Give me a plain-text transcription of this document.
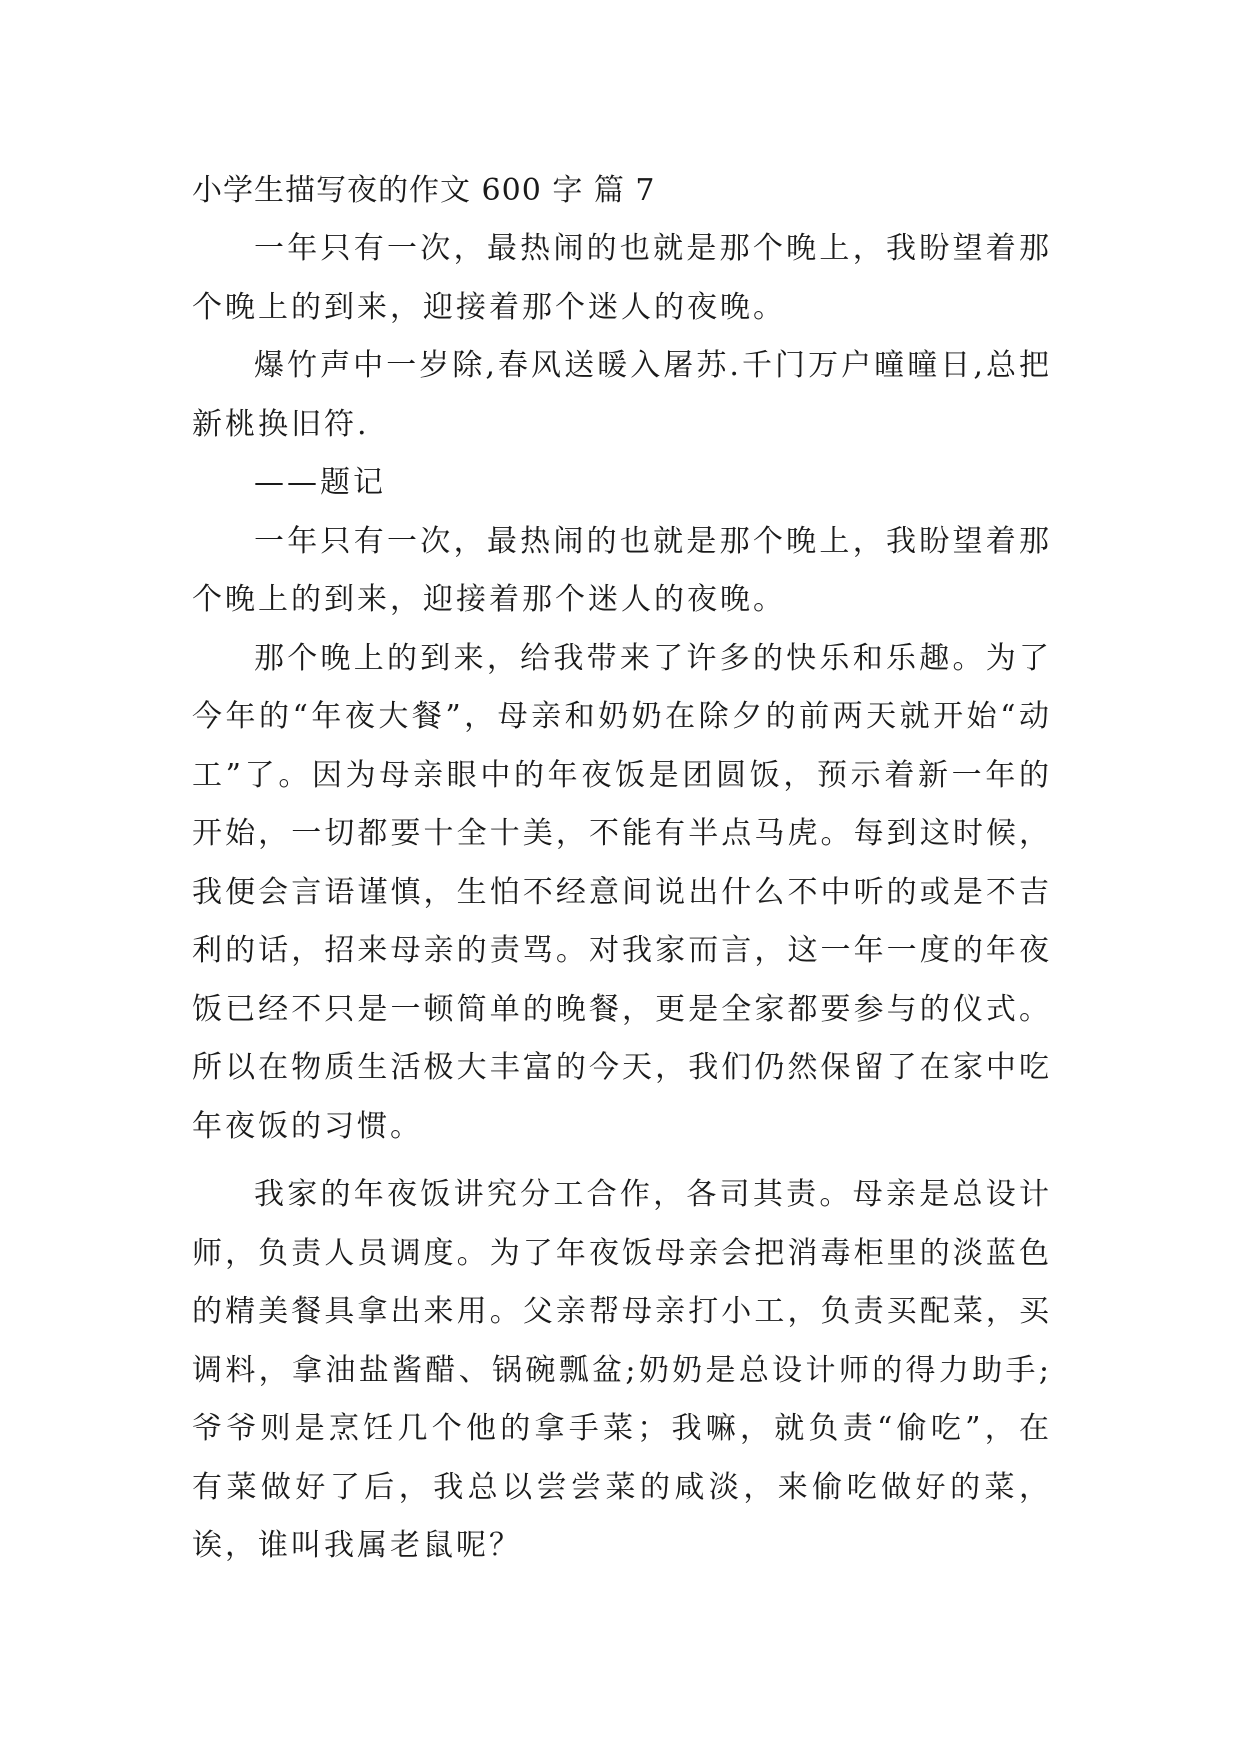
小学生描写夜的作文 600 字 篇 7

一年只有一次，最热闹的也就是那个晚上，我盼望着那个晚上的到来，迎接着那个迷人的夜晚。

爆竹声中一岁除,春风送暖入屠苏.千门万户曈曈日,总把新桃换旧符.

——题记

一年只有一次，最热闹的也就是那个晚上，我盼望着那个晚上的到来，迎接着那个迷人的夜晚。

那个晚上的到来，给我带来了许多的快乐和乐趣。为了今年的“年夜大餐”，母亲和奶奶在除夕的前两天就开始“动工”了。因为母亲眼中的年夜饭是团圆饭，预示着新一年的开始，一切都要十全十美，不能有半点马虎。每到这时候，我便会言语谨慎，生怕不经意间说出什么不中听的或是不吉利的话，招来母亲的责骂。对我家而言，这一年一度的年夜饭已经不只是一顿简单的晚餐，更是全家都要参与的仪式。所以在物质生活极大丰富的今天，我们仍然保留了在家中吃年夜饭的习惯。

我家的年夜饭讲究分工合作，各司其责。母亲是总设计师，负责人员调度。为了年夜饭母亲会把消毒柜里的淡蓝色的精美餐具拿出来用。父亲帮母亲打小工，负责买配菜，买调料，拿油盐酱醋、锅碗瓢盆;奶奶是总设计师的得力助手;爷爷则是烹饪几个他的拿手菜；我嘛，就负责“偷吃”，在有菜做好了后，我总以尝尝菜的咸淡，来偷吃做好的菜，诶，谁叫我属老鼠呢？
